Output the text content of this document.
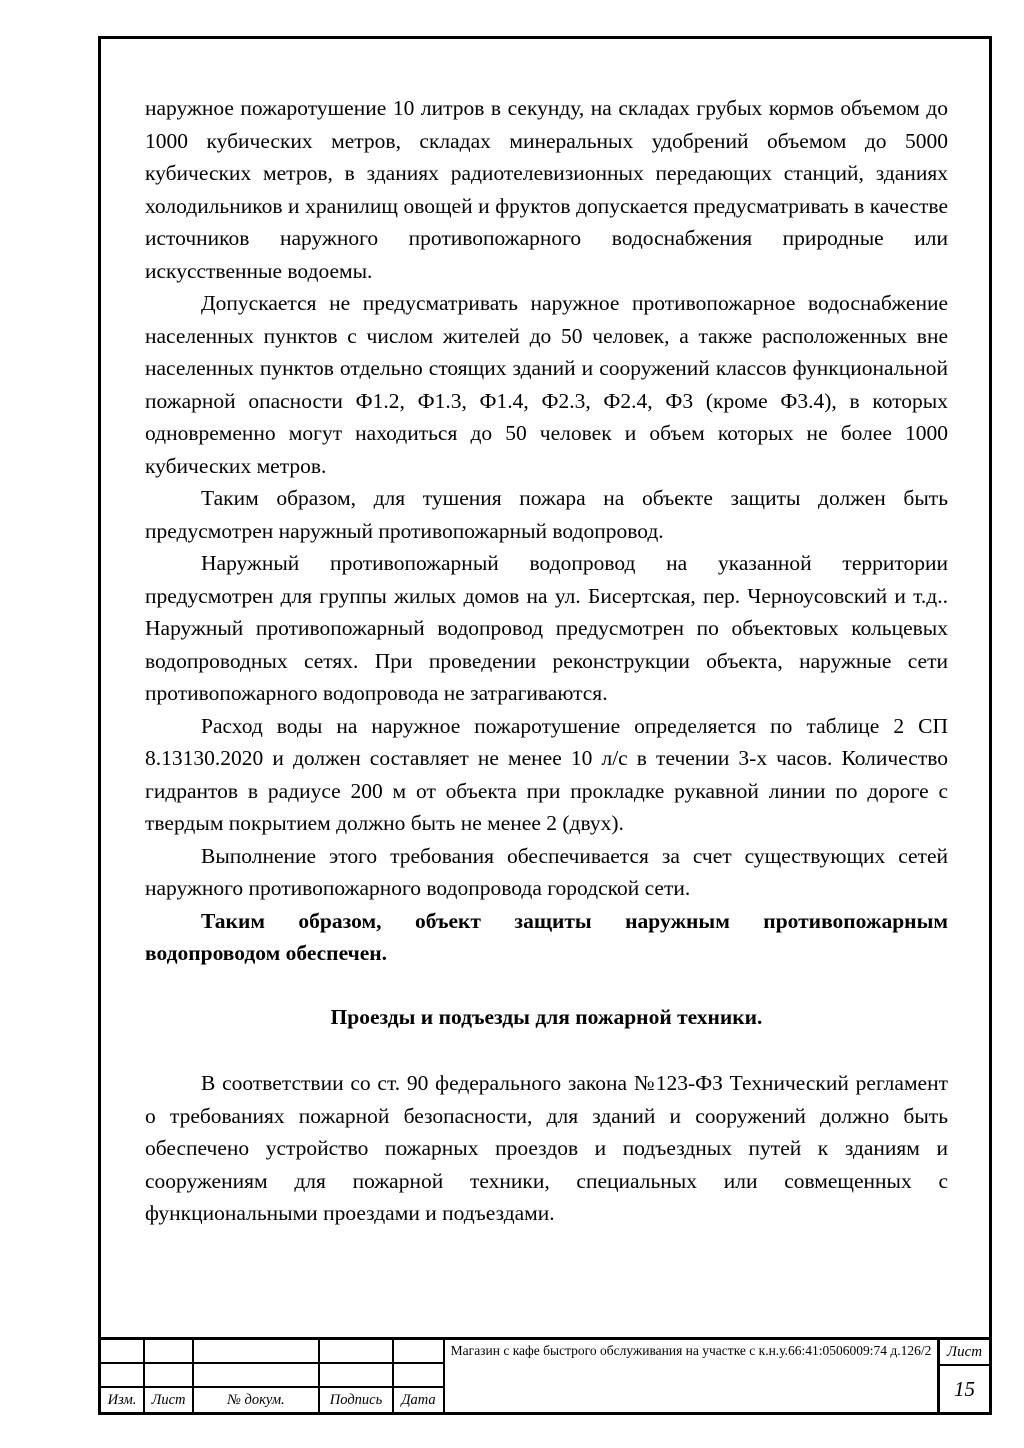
наружное пожаротушение 10 литров в секунду, на складах грубых кормов объемом до 1000 кубических метров, складах минеральных удобрений объемом до 5000 кубических метров, в зданиях радиотелевизионных передающих станций, зданиях холодильников и хранилищ овощей и фруктов допускается предусматривать в качестве источников наружного противопожарного водоснабжения природные или искусственные водоемы.

Допускается не предусматривать наружное противопожарное водоснабжение населенных пунктов с числом жителей до 50 человек, а также расположенных вне населенных пунктов отдельно стоящих зданий и сооружений классов функциональной пожарной опасности Ф1.2, Ф1.3, Ф1.4, Ф2.3, Ф2.4, Ф3 (кроме Ф3.4), в которых одновременно могут находиться до 50 человек и объем которых не более 1000 кубических метров.

Таким образом, для тушения пожара на объекте защиты должен быть предусмотрен наружный противопожарный водопровод.

Наружный противопожарный водопровод на указанной территории предусмотрен для группы жилых домов на ул. Бисертская, пер. Черноусовский и т.д.. Наружный противопожарный водопровод предусмотрен по объектовых кольцевых водопроводных сетях. При проведении реконструкции объекта, наружные сети противопожарного водопровода не затрагиваются.

Расход воды на наружное пожаротушение определяется по таблице 2 СП 8.13130.2020 и должен составляет не менее 10 л/с в течении 3-х часов. Количество гидрантов в радиусе 200 м от объекта при прокладке рукавной линии по дороге с твердым покрытием должно быть не менее 2 (двух).

Выполнение этого требования обеспечивается за счет существующих сетей наружного противопожарного водопровода городской сети.

Таким образом, объект защиты наружным противопожарным водопроводом обеспечен.

Проезды и подъезды для пожарной техники.

В соответствии со ст. 90 федерального закона №123-ФЗ Технический регламент о требованиях пожарной безопасности, для зданий и сооружений должно быть обеспечено устройство пожарных проездов и подъездных путей к зданиям и сооружениям для пожарной техники, специальных или совмещенных с функциональными проездами и подъездами.

Изм.	Лист	№ докум.	Подпись	Дата
Магазин с кафе быстрого обслуживания на участке с к.н.у.66:41:0506009:74 д.126/2	Лист
15
